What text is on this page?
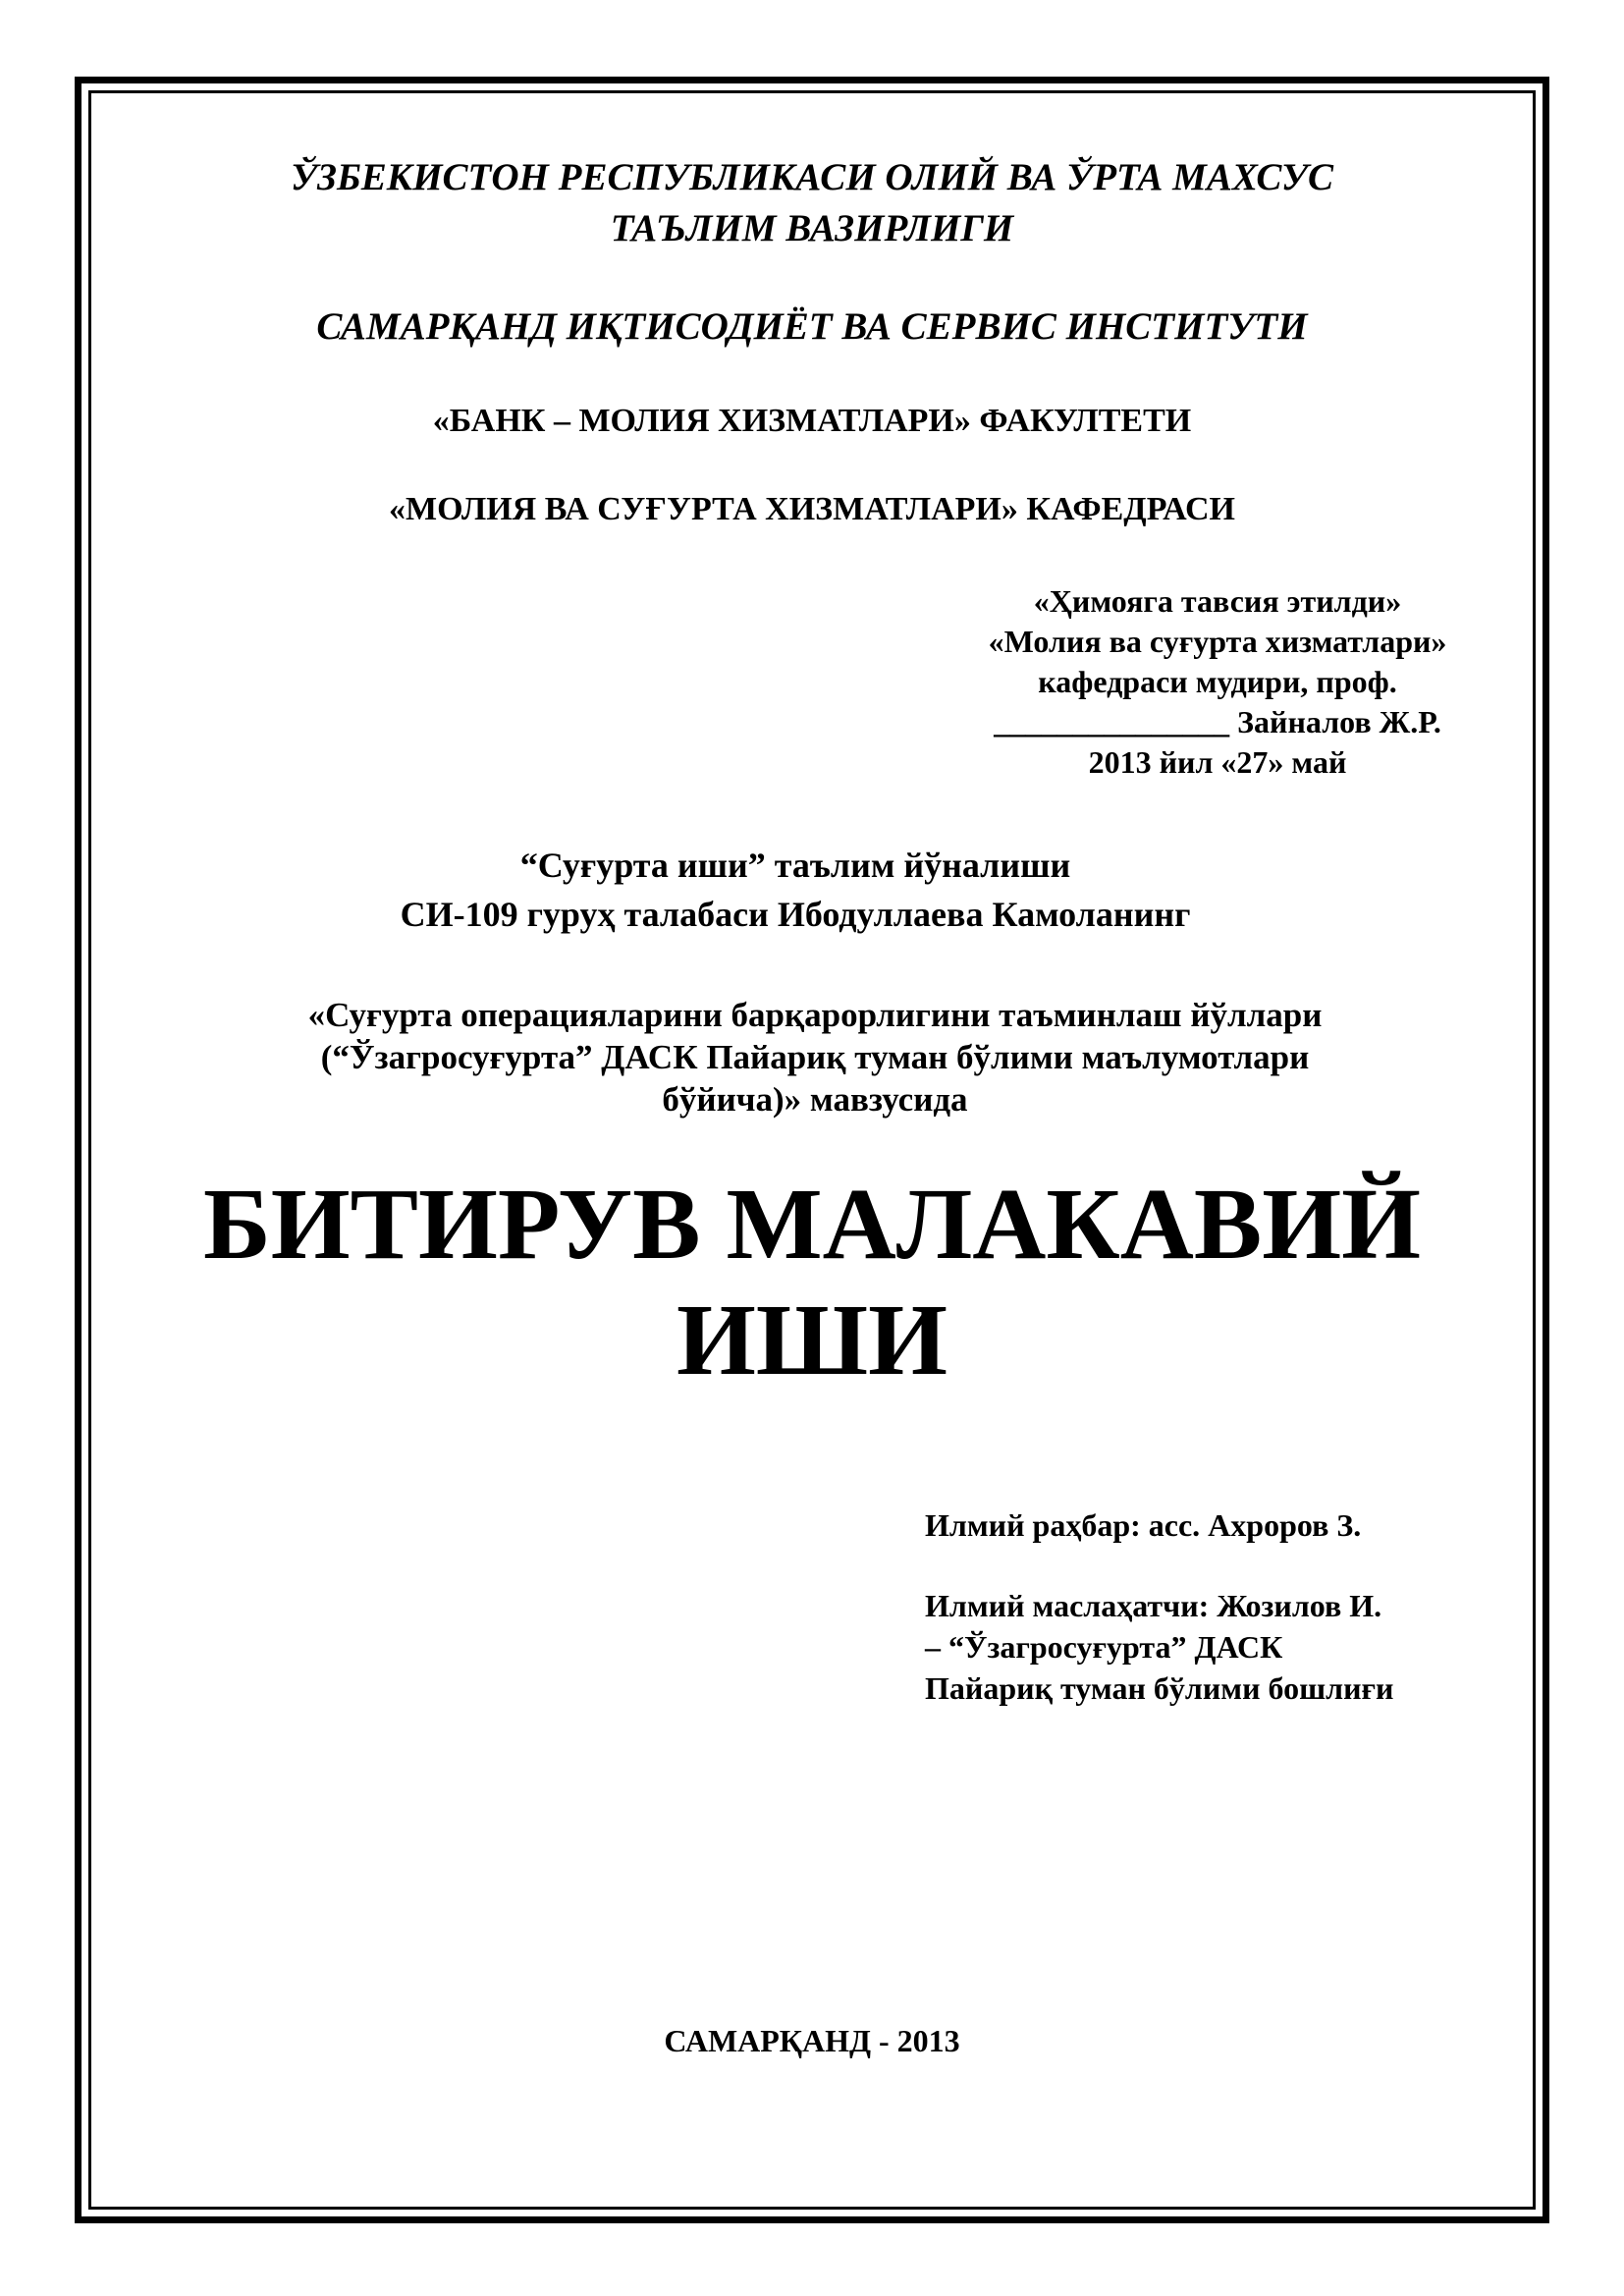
ЎЗБЕКИСТОН РЕСПУБЛИКАСИ ОЛИЙ ВА ЎРТА МАХСУС
ТАЪЛИМ ВАЗИРЛИГИ
САМАРҚАНД ИҚТИСОДИЁТ ВА СЕРВИС ИНСТИТУТИ
«БАНК – МОЛИЯ ХИЗМАТЛАРИ» ФАКУЛТЕТИ
«МОЛИЯ ВА СУҒУРТА ХИЗМАТЛАРИ» КАФЕДРАСИ
«Ҳимояга тавсия этилди»
«Молия ва суғурта хизматлари»
кафедраси мудири, проф.
_______________ Зайналов Ж.Р.
2013 йил «27» май
“Суғурта иши” таълим йўналиши
СИ-109 гуруҳ талабаси Ибодуллаева Камоланинг
«Суғурта операцияларини барқарорлигини таъминлаш йўллари
(“Ўзагросуғурта” ДАСК Пайариқ туман бўлими маълумотлари
бўйича)» мавзусида
БИТИРУВ МАЛАКАВИЙ
ИШИ
Илмий раҳбар: асс. Ахроров З.
Илмий маслаҳатчи: Жозилов И.
– “Ўзагросуғурта” ДАСК
Пайариқ туман бўлими бошлиғи
САМАРҚАНД - 2013
